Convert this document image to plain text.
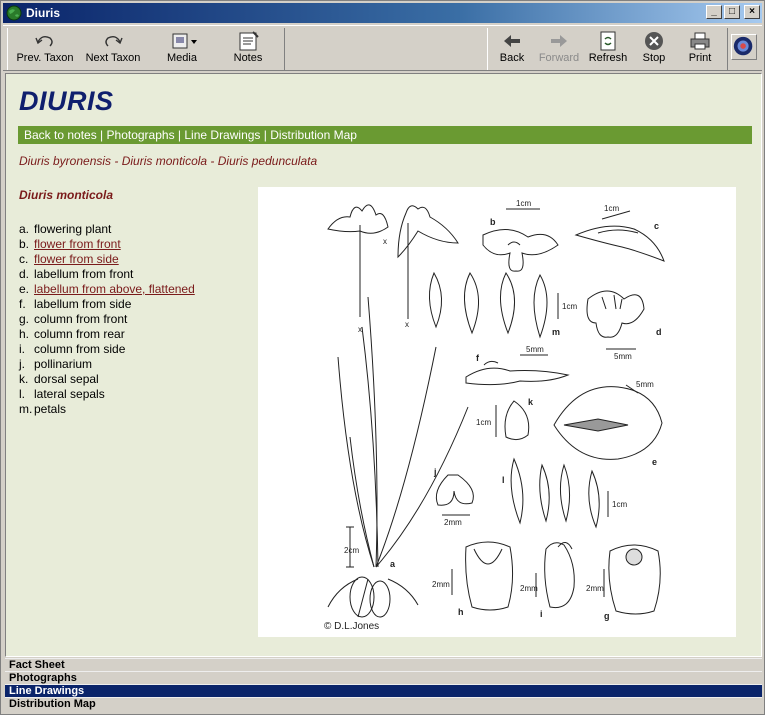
Diuris	_	□	×
Prev. Taxon	Next Taxon	Media	Notes	Back	Forward Refresh	Stop	Print
DIURIS
Back to notes | Photographs | Line Drawings | Distribution Map
Diuris byronensis - Diuris monticola - Diuris pedunculata
Diuris monticola
a. flowering plant
b. flower from front
c. flower from side
d. labellum from front
e. labellum from above, flattened
f. labellum from side
g. column from front
h. column from rear
i. column from side
j. pollinarium
k. dorsal sepal
l. lateral sepals
m. petals
x
x
x
2cm
a
1cm
b
1cm
c
1cm
m
5mm
d
5mm
f
5mm
e
1cm
k
j
2mm
l
1cm
2mm
h
2mm
i
2mm
g
© D.L.Jones
Fact Sheet
Photographs
Line Drawings
Distribution Map
